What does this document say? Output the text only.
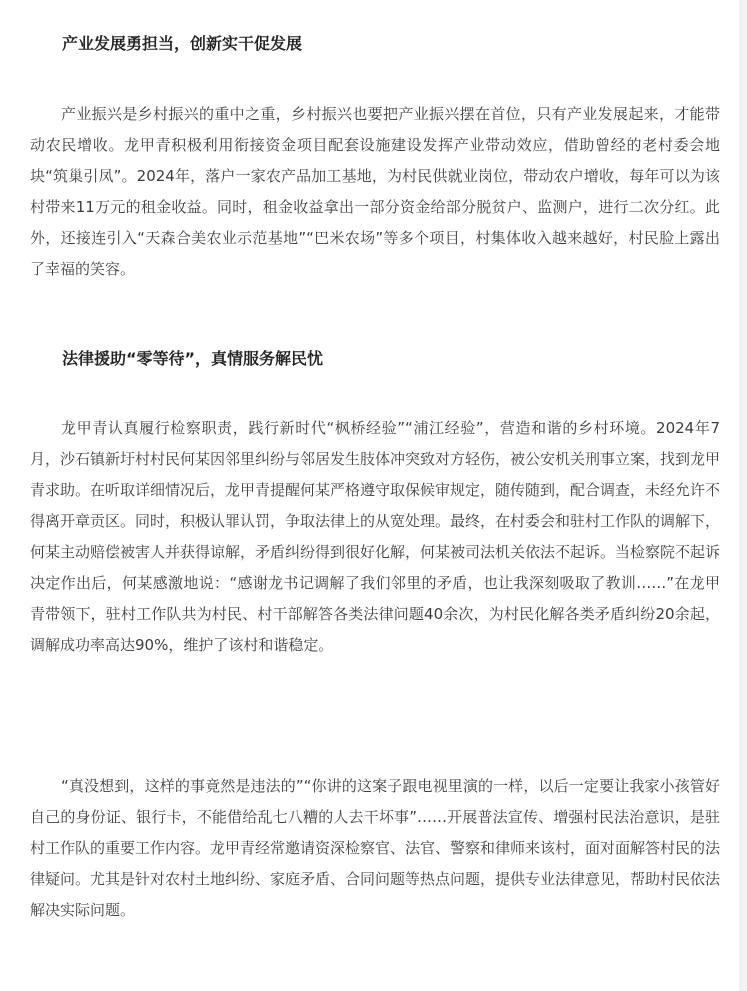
产业发展勇担当，创新实干促发展

产业振兴是乡村振兴的重中之重，乡村振兴也要把产业振兴摆在首位，只有产业发展起来，才能带动农民增收。龙甲青积极利用衔接资金项目配套设施建设发挥产业带动效应，借助曾经的老村委会地块“筑巢引凤”。2024年，落户一家农产品加工基地，为村民供就业岗位，带动农户增收，每年可以为该村带来11万元的租金收益。同时，租金收益拿出一部分资金给部分脱贫户、监测户，进行二次分红。此外，还接连引入“天森合美农业示范基地”“巴米农场”等多个项目，村集体收入越来越好，村民脸上露出了幸福的笑容。

法律援助“零等待”，真情服务解民忧

龙甲青认真履行检察职责，践行新时代“枫桥经验”“浦江经验”，营造和谐的乡村环境。2024年7月，沙石镇新圩村村民何某因邻里纠纷与邻居发生肢体冲突致对方轻伤，被公安机关刑事立案，找到龙甲青求助。在听取详细情况后，龙甲青提醒何某严格遵守取保候审规定，随传随到，配合调查，未经允许不得离开章贡区。同时，积极认罪认罚，争取法律上的从宽处理。最终，在村委会和驻村工作队的调解下，何某主动赔偿被害人并获得谅解，矛盾纠纷得到很好化解，何某被司法机关依法不起诉。当检察院不起诉决定作出后，何某感激地说：“感谢龙书记调解了我们邻里的矛盾，也让我深刻吸取了教训……”在龙甲青带领下，驻村工作队共为村民、村干部解答各类法律问题40余次，为村民化解各类矛盾纠纷20余起，调解成功率高达90%，维护了该村和谐稳定。

“真没想到，这样的事竟然是违法的”“你讲的这案子跟电视里演的一样，以后一定要让我家小孩管好自己的身份证、银行卡，不能借给乱七八糟的人去干坏事”……开展普法宣传、增强村民法治意识，是驻村工作队的重要工作内容。龙甲青经常邀请资深检察官、法官、警察和律师来该村，面对面解答村民的法律疑问。尤其是针对农村土地纠纷、家庭矛盾、合同问题等热点问题，提供专业法律意见，帮助村民依法解决实际问题。
